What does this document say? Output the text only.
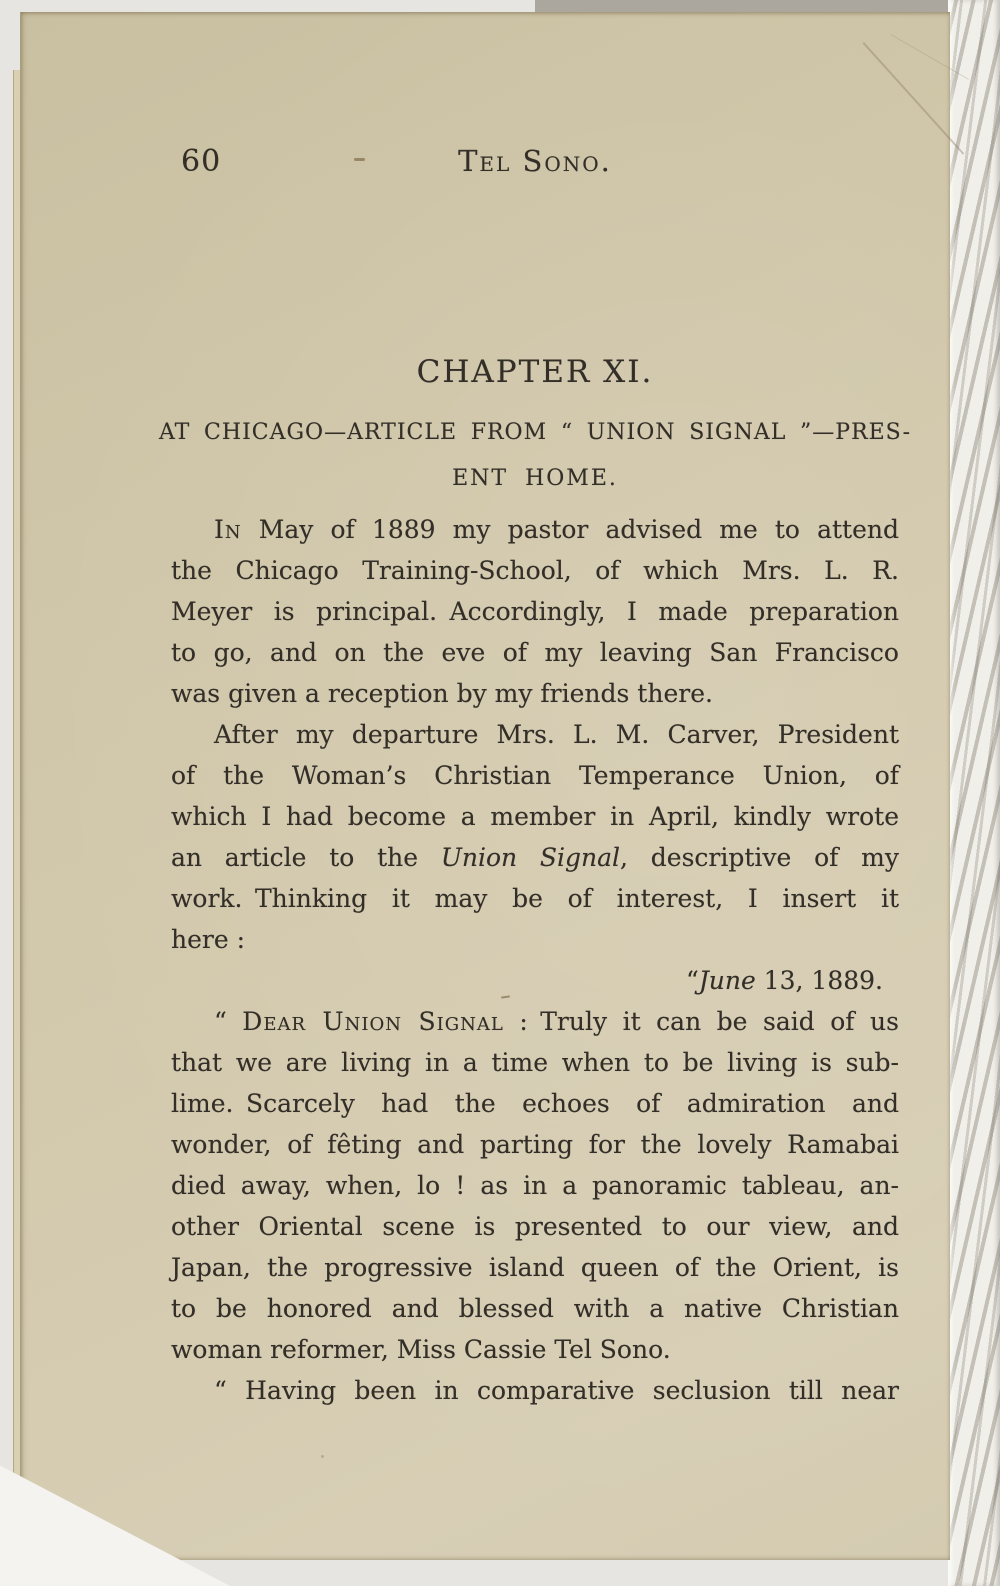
60	Tel Sono.
CHAPTER XI.
AT CHICAGO—ARTICLE FROM “ UNION SIGNAL ”—PRES-
ENT HOME.
In May of 1889 my pastor advised me to attend
the Chicago Training-School, of which Mrs. L. R.
Meyer is principal. Accordingly, I made preparation
to go, and on the eve of my leaving San Francisco
was given a reception by my friends there.
After my departure Mrs. L. M. Carver, President
of the Woman’s Christian Temperance Union, of
which I had become a member in April, kindly wrote
an article to the Union Signal, descriptive of my
work. Thinking it may be of interest, I insert it
here :
“June 13, 1889.
“ Dear Union Signal : Truly it can be said of us
that we are living in a time when to be living is sub-
lime. Scarcely had the echoes of admiration and
wonder, of fêting and parting for the lovely Ramabai
died away, when, lo ! as in a panoramic tableau, an-
other Oriental scene is presented to our view, and
Japan, the progressive island queen of the Orient, is
to be honored and blessed with a native Christian
woman reformer, Miss Cassie Tel Sono.
“ Having been in comparative seclusion till near
